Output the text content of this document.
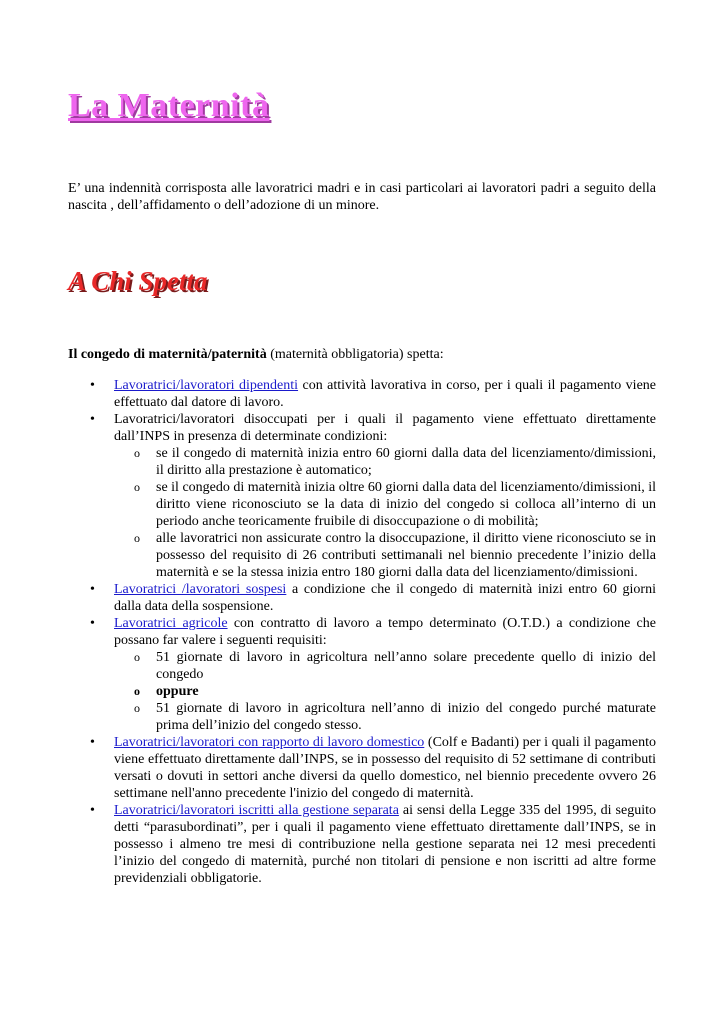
La Maternità

E’ una indennità corrisposta alle lavoratrici madri e in casi particolari ai lavoratori padri a seguito della nascita , dell’affidamento o dell’adozione di un minore.

A Chi Spetta

Il congedo di maternità/paternità (maternità obbligatoria) spetta:

• Lavoratrici/lavoratori dipendenti con attività lavorativa in corso, per i quali il pagamento viene effettuato dal datore di lavoro.
• Lavoratrici/lavoratori disoccupati per i quali il pagamento viene effettuato direttamente dall’INPS in presenza di determinate condizioni:
o se il congedo di maternità inizia entro 60 giorni dalla data del licenziamento/dimissioni, il diritto alla prestazione è automatico;
o se il congedo di maternità inizia oltre 60 giorni dalla data del licenziamento/dimissioni, il diritto viene riconosciuto se la data di inizio del congedo si colloca all’interno di un periodo anche teoricamente fruibile di disoccupazione o di mobilità;
o alle lavoratrici non assicurate contro la disoccupazione, il diritto viene riconosciuto se in possesso del requisito di 26 contributi settimanali nel biennio precedente l’inizio della maternità e se la stessa inizia entro 180 giorni dalla data del licenziamento/dimissioni.
• Lavoratrici /lavoratori sospesi a condizione che il congedo di maternità inizi entro 60 giorni dalla data della sospensione.
• Lavoratrici agricole con contratto di lavoro a tempo determinato (O.T.D.) a condizione che possano far valere i seguenti requisiti:
o 51 giornate di lavoro in agricoltura nell’anno solare precedente quello di inizio del congedo
o oppure
o 51 giornate di lavoro in agricoltura nell’anno di inizio del congedo purché maturate prima dell’inizio del congedo stesso.
• Lavoratrici/lavoratori con rapporto di lavoro domestico (Colf e Badanti) per i quali il pagamento viene effettuato direttamente dall’INPS, se in possesso del requisito di 52 settimane di contributi versati o dovuti in settori anche diversi da quello domestico, nel biennio precedente ovvero 26 settimane nell'anno precedente l'inizio del congedo di maternità.
• Lavoratrici/lavoratori iscritti alla gestione separata ai sensi della Legge 335 del 1995, di seguito detti “parasubordinati”, per i quali il pagamento viene effettuato direttamente dall’INPS, se in possesso i almeno tre mesi di contribuzione nella gestione separata nei 12 mesi precedenti l’inizio del congedo di maternità, purché non titolari di pensione e non iscritti ad altre forme previdenziali obbligatorie.
